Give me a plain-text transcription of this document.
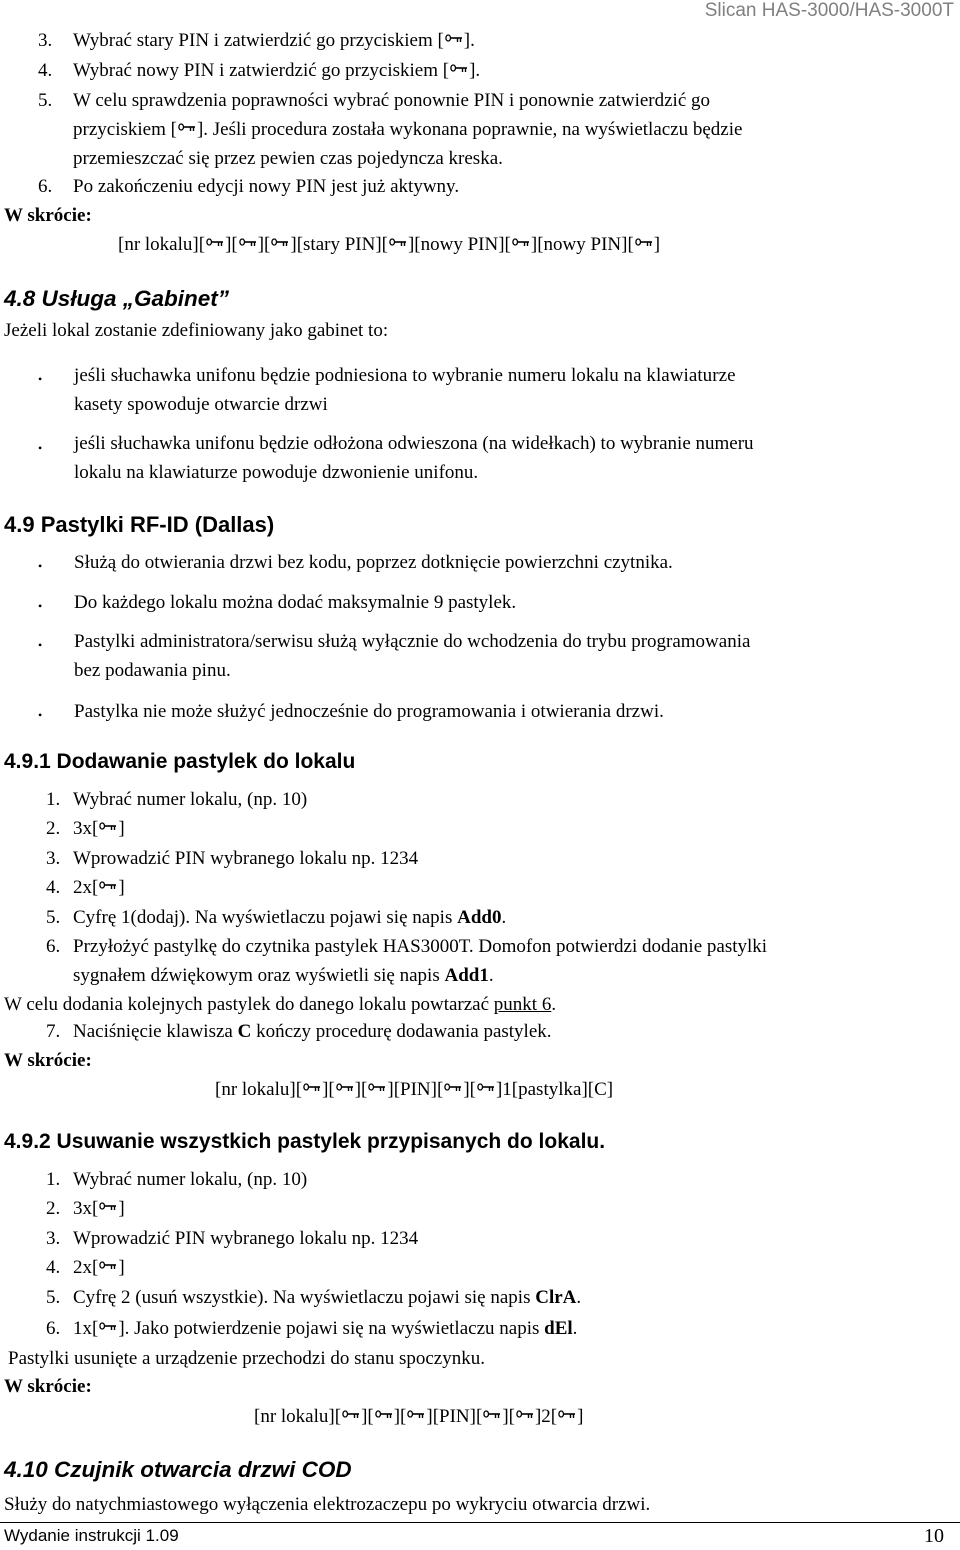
Slican HAS-3000/HAS-3000T
3. Wybrać stary PIN i zatwierdzić go przyciskiem [ ].
4. Wybrać nowy PIN i zatwierdzić go przyciskiem [ ].
5. W celu sprawdzenia poprawności wybrać ponownie PIN i ponownie zatwierdzić go
przyciskiem [ ]. Jeśli procedura została wykonana poprawnie, na wyświetlaczu będzie
przemieszczać się przez pewien czas pojedyncza kreska.
6. Po zakończeniu edycji nowy PIN jest już aktywny.
W skrócie:
[nr lokalu][ ][ ][ ][stary PIN][ ][nowy PIN][ ][nowy PIN][ ]
4.8 Usługa „Gabinet”
Jeżeli lokal zostanie zdefiniowany jako gabinet to:
• jeśli słuchawka unifonu będzie podniesiona to wybranie numeru lokalu na klawiaturze
kasety spowoduje otwarcie drzwi
• jeśli słuchawka unifonu będzie odłożona odwieszona (na widełkach) to wybranie numeru
lokalu na klawiaturze powoduje dzwonienie unifonu.
4.9 Pastylki RF-ID (Dallas)
• Służą do otwierania drzwi bez kodu, poprzez dotknięcie powierzchni czytnika.
• Do każdego lokalu można dodać maksymalnie 9 pastylek.
• Pastylki administratora/serwisu służą wyłącznie do wchodzenia do trybu programowania
bez podawania pinu.
• Pastylka nie może służyć jednocześnie do programowania i otwierania drzwi.
4.9.1 Dodawanie pastylek do lokalu
1. Wybrać numer lokalu, (np. 10)
2. 3x[ ]
3. Wprowadzić PIN wybranego lokalu np. 1234
4. 2x[ ]
5. Cyfrę 1(dodaj). Na wyświetlaczu pojawi się napis Add0.
6. Przyłożyć pastylkę do czytnika pastylek HAS3000T. Domofon potwierdzi dodanie pastylki
sygnałem dźwiękowym oraz wyświetli się napis Add1.
W celu dodania kolejnych pastylek do danego lokalu powtarzać punkt 6.
7. Naciśnięcie klawisza C kończy procedurę dodawania pastylek.
W skrócie:
[nr lokalu][ ][ ][ ][PIN][ ][ ]1[pastylka][C]
4.9.2 Usuwanie wszystkich pastylek przypisanych do lokalu.
1. Wybrać numer lokalu, (np. 10)
2. 3x[ ]
3. Wprowadzić PIN wybranego lokalu np. 1234
4. 2x[ ]
5. Cyfrę 2 (usuń wszystkie). Na wyświetlaczu pojawi się napis ClrA.
6. 1x[ ]. Jako potwierdzenie pojawi się na wyświetlaczu napis dEl.
Pastylki usunięte a urządzenie przechodzi do stanu spoczynku.
W skrócie:
[nr lokalu][ ][ ][ ][PIN][ ][ ]2[ ]
4.10 Czujnik otwarcia drzwi COD
Służy do natychmiastowego wyłączenia elektrozaczepu po wykryciu otwarcia drzwi.
Wydanie instrukcji 1.09	10
